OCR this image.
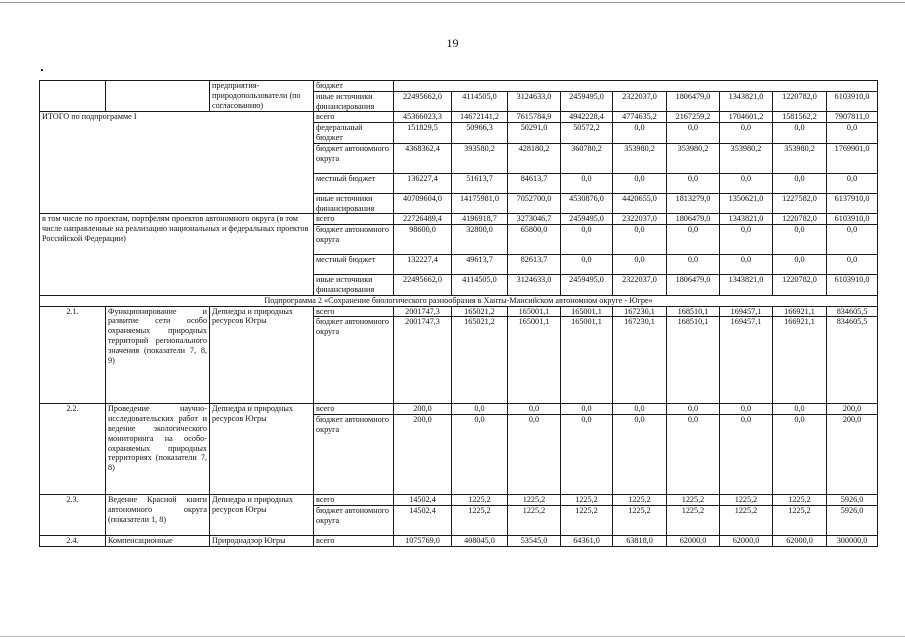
19
		предприятия-природопользователи (по согласованию)	бюджет									
			иные источники финансирования	22495662,0	4114505,0	3124633,0	2459495,0	2322037,0	1806479,0	1343821,0	1220782,0	6103910,0
ИТОГО по подпрограмме I			всего	45366023,3	14672141,2	7615784,9	4942228,4	4774635,2	2167259,2	1704601,2	1581562,2	7907811,0
			федеральный бюджет	151829,5	50966,3	50291,0	50572,2	0,0	0,0	0,0	0,0	0,0
			бюджет автономного округа	4368362,4	393580,2	428180,2	360780,2	353980,2	353980,2	353980,2	353980,2	1769901,0
			местный бюджет	136227,4	51613,7	84613,7	0,0	0,0	0,0	0,0	0,0	0,0
			иные источники финансирования	40709604,0	14175981,0	7052700,0	4530876,0	4420655,0	1813279,0	1350621,0	1227582,0	6137910,0
в том числе по проектам, портфелям проектов автономного округа (в том числе направленные на реализацию национальных и федеральных проектов Российской Федерации)			всего	22726489,4	4196918,7	3273046,7	2459495,0	2322037,0	1806479,0	1343821,0	1220782,0	6103910,0
			бюджет автономного округа	98600,0	32800,0	65800,0	0,0	0,0	0,0	0,0	0,0	0,0
			местный бюджет	132227,4	49613,7	82613,7	0,0	0,0	0,0	0,0	0,0	0,0
			иные источники финансирования	22495662,0	4114505,0	3124633,0	2459495,0	2322037,0	1806479,0	1343821,0	1220782,0	6103910,0
Подпрограмма 2 «Сохранение биологического разнообразия в Ханты-Мансийском автономном округе - Югре»												
2.1.	Функционирование и развитие сети особо охраняемых природных территорий регионального значения (показатели 7, 8, 9)	Депнедра и природных ресурсов Югры	всего	2001747,3	165021,2	165001,1	165001,1	167230,1	168510,1	169457,1	166921,1	834605,5
			бюджет автономного округа	2001747,3	165021,2	165001,1	165001,1	167230,1	168510,1	169457,1	166921,1	834605,5
2.2.	Проведение научно-исследовательских работ и ведение экологического мониторинга на особо-охраняемых природных территориях (показатели 7, 8)	Депнедра и природных ресурсов Югры	всего	200,0	0,0	0,0	0,0	0,0	0,0	0,0	0,0	200,0
			бюджет автономного округа	200,0	0,0	0,0	0,0	0,0	0,0	0,0	0,0	200,0
2.3.	Ведение Красной книги автономного округа (показатели 1, 8)	Депнедра и природных ресурсов Югры	всего	14502,4	1225,2	1225,2	1225,2	1225,2	1225,2	1225,2	1225,2	5926,0
			бюджет автономного округа	14502,4	1225,2	1225,2	1225,2	1225,2	1225,2	1225,2	1225,2	5926,0
2.4.	Компенсационные	Природнадзор Югры	всего	1075769,0	408045,0	53545,0	64361,0	63818,0	62000,0	62000,0	62000,0	300000,0
